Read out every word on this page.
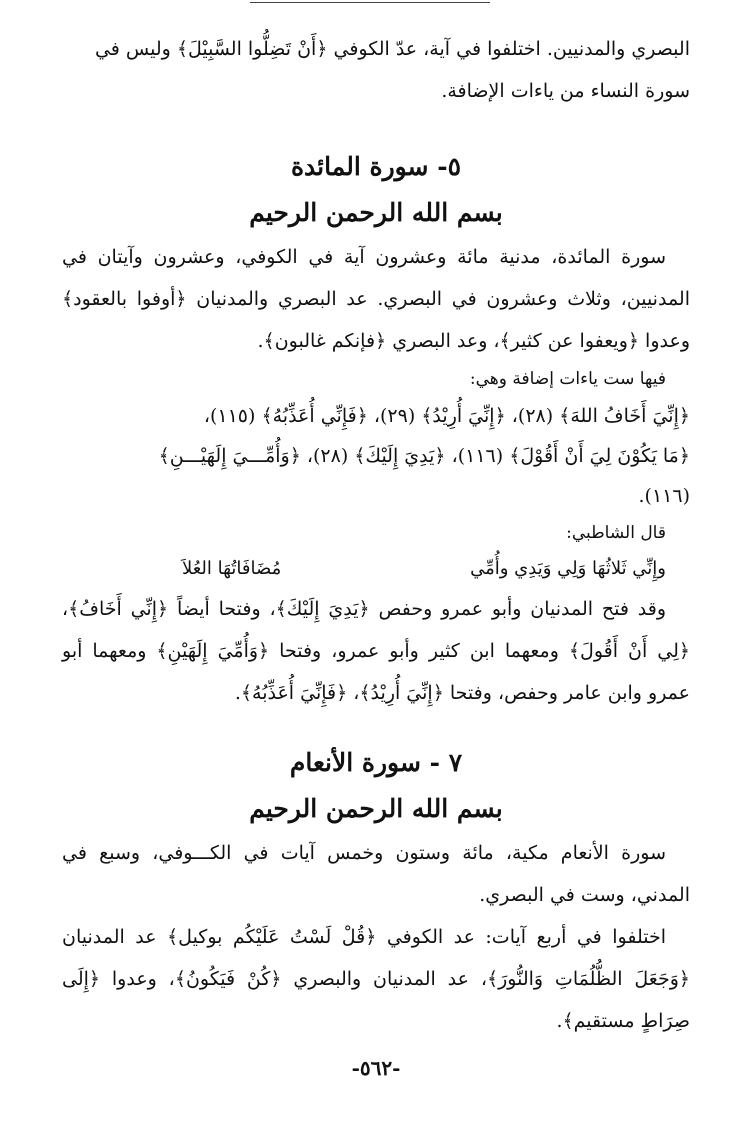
البصري والمدنيين. اختلفوا في آية، عدّ الكوفي ﴿أَنْ تَضِلُّوا السَّبِيْلَ﴾ وليس في

سورة النساء من ياءات الإضافة.

٥- سورة المائدة
بسم الله الرحمن الرحيم

سورة المائدة، مدنية مائة وعشرون آية في الكوفي، وعشرون وآيتان في المدنيين، وثلاث وعشرون في البصري. عد البصري والمدنيان ﴿أوفوا بالعقود﴾ وعدوا ﴿ويعفوا عن كثير﴾، وعد البصري ﴿فإنكم غالبون﴾.

فيها ست ياءات إضافة وهي:

﴿إِنِّيَ أَخَافُ اللهَ﴾ (٢٨)، ﴿إِنِّيَ أُرِيْدُ﴾ (٢٩)، ﴿فَإِنِّي أُعَذِّبُهُ﴾ (١١٥)،

﴿مَا يَكُوْنَ لِيَ أَنْ أَقُوْلَ﴾ (١١٦)، ﴿يَدِيَ إِلَيْكَ﴾ (٢٨)، ﴿وَأُمِّـــيَ إِلَهَيْـــنِ﴾

(١١٦).

قال الشاطبي:

وإِنِّي ثَلاثُهَا وَلِي وَيَدِي وأُمِّي
مُضَافَاتُهَا العُلاَ

وقد فتح المدنيان وأبو عمرو وحفص ﴿يَدِيَ إِلَيْكَ﴾، وفتحا أيضاً ﴿إِنِّي أَخَافُ﴾، ﴿لِي أَنْ أَقُولَ﴾ ومعهما ابن كثير وأبو عمرو، وفتحا ﴿وَأُمِّيَ إِلَهَيْنِ﴾ ومعهما أبو عمرو وابن عامر وحفص، وفتحا ﴿إِنِّيَ أُرِيْدُ﴾، ﴿فَإِنِّيَ أُعَذِّبُهُ﴾.

٧ - سورة الأنعام
بسم الله الرحمن الرحيم

سورة الأنعام مكية، مائة وستون وخمس آيات في الكـــوفي، وسبع في المدني، وست في البصري.

اختلفوا في أربع آيات: عد الكوفي ﴿قُلْ لَسْتُ عَلَيْكُم بوكيل﴾ عد المدنيان ﴿وَجَعَلَ الظُّلُمَاتِ وَالنُّورَ﴾، عد المدنيان والبصري ﴿كُنْ فَيَكُونُ﴾، وعدوا ﴿إِلَى صِرَاطٍ مستقيم﴾.

-٥٦٢-
